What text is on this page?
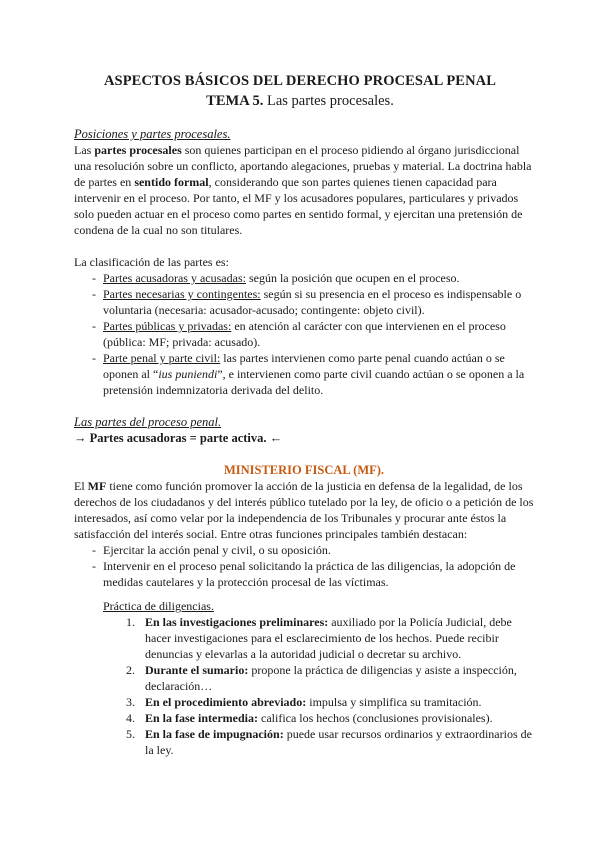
ASPECTOS BÁSICOS DEL DERECHO PROCESAL PENAL
TEMA 5. Las partes procesales.

Posiciones y partes procesales.

Las partes procesales son quienes participan en el proceso pidiendo al órgano jurisdiccional una resolución sobre un conflicto, aportando alegaciones, pruebas y material. La doctrina habla de partes en sentido formal, considerando que son partes quienes tienen capacidad para intervenir en el proceso. Por tanto, el MF y los acusadores populares, particulares y privados solo pueden actuar en el proceso como partes en sentido formal, y ejercitan una pretensión de condena de la cual no son titulares.

La clasificación de las partes es:

- Partes acusadoras y acusadas: según la posición que ocupen en el proceso.
- Partes necesarias y contingentes: según si su presencia en el proceso es indispensable o voluntaria (necesaria: acusador-acusado; contingente: objeto civil).
- Partes públicas y privadas: en atención al carácter con que intervienen en el proceso (pública: MF; privada: acusado).
- Parte penal y parte civil: las partes intervienen como parte penal cuando actúan o se oponen al “ius puniendi”, e intervienen como parte civil cuando actúan o se oponen a la pretensión indemnizatoria derivada del delito.

Las partes del proceso penal.

→ Partes acusadoras = parte activa. ←

MINISTERIO FISCAL (MF).

El MF tiene como función promover la acción de la justicia en defensa de la legalidad, de los derechos de los ciudadanos y del interés público tutelado por la ley, de oficio o a petición de los interesados, así como velar por la independencia de los Tribunales y procurar ante éstos la satisfacción del interés social. Entre otras funciones principales también destacan:

- Ejercitar la acción penal y civil, o su oposición.
- Intervenir en el proceso penal solicitando la práctica de las diligencias, la adopción de medidas cautelares y la protección procesal de las víctimas.

Práctica de diligencias.

1. En las investigaciones preliminares: auxiliado por la Policía Judicial, debe hacer investigaciones para el esclarecimiento de los hechos. Puede recibir denuncias y elevarlas a la autoridad judicial o decretar su archivo.
2. Durante el sumario: propone la práctica de diligencias y asiste a inspección, declaración…
3. En el procedimiento abreviado: impulsa y simplifica su tramitación.
4. En la fase intermedia: califica los hechos (conclusiones provisionales).
5. En la fase de impugnación: puede usar recursos ordinarios y extraordinarios de la ley.
